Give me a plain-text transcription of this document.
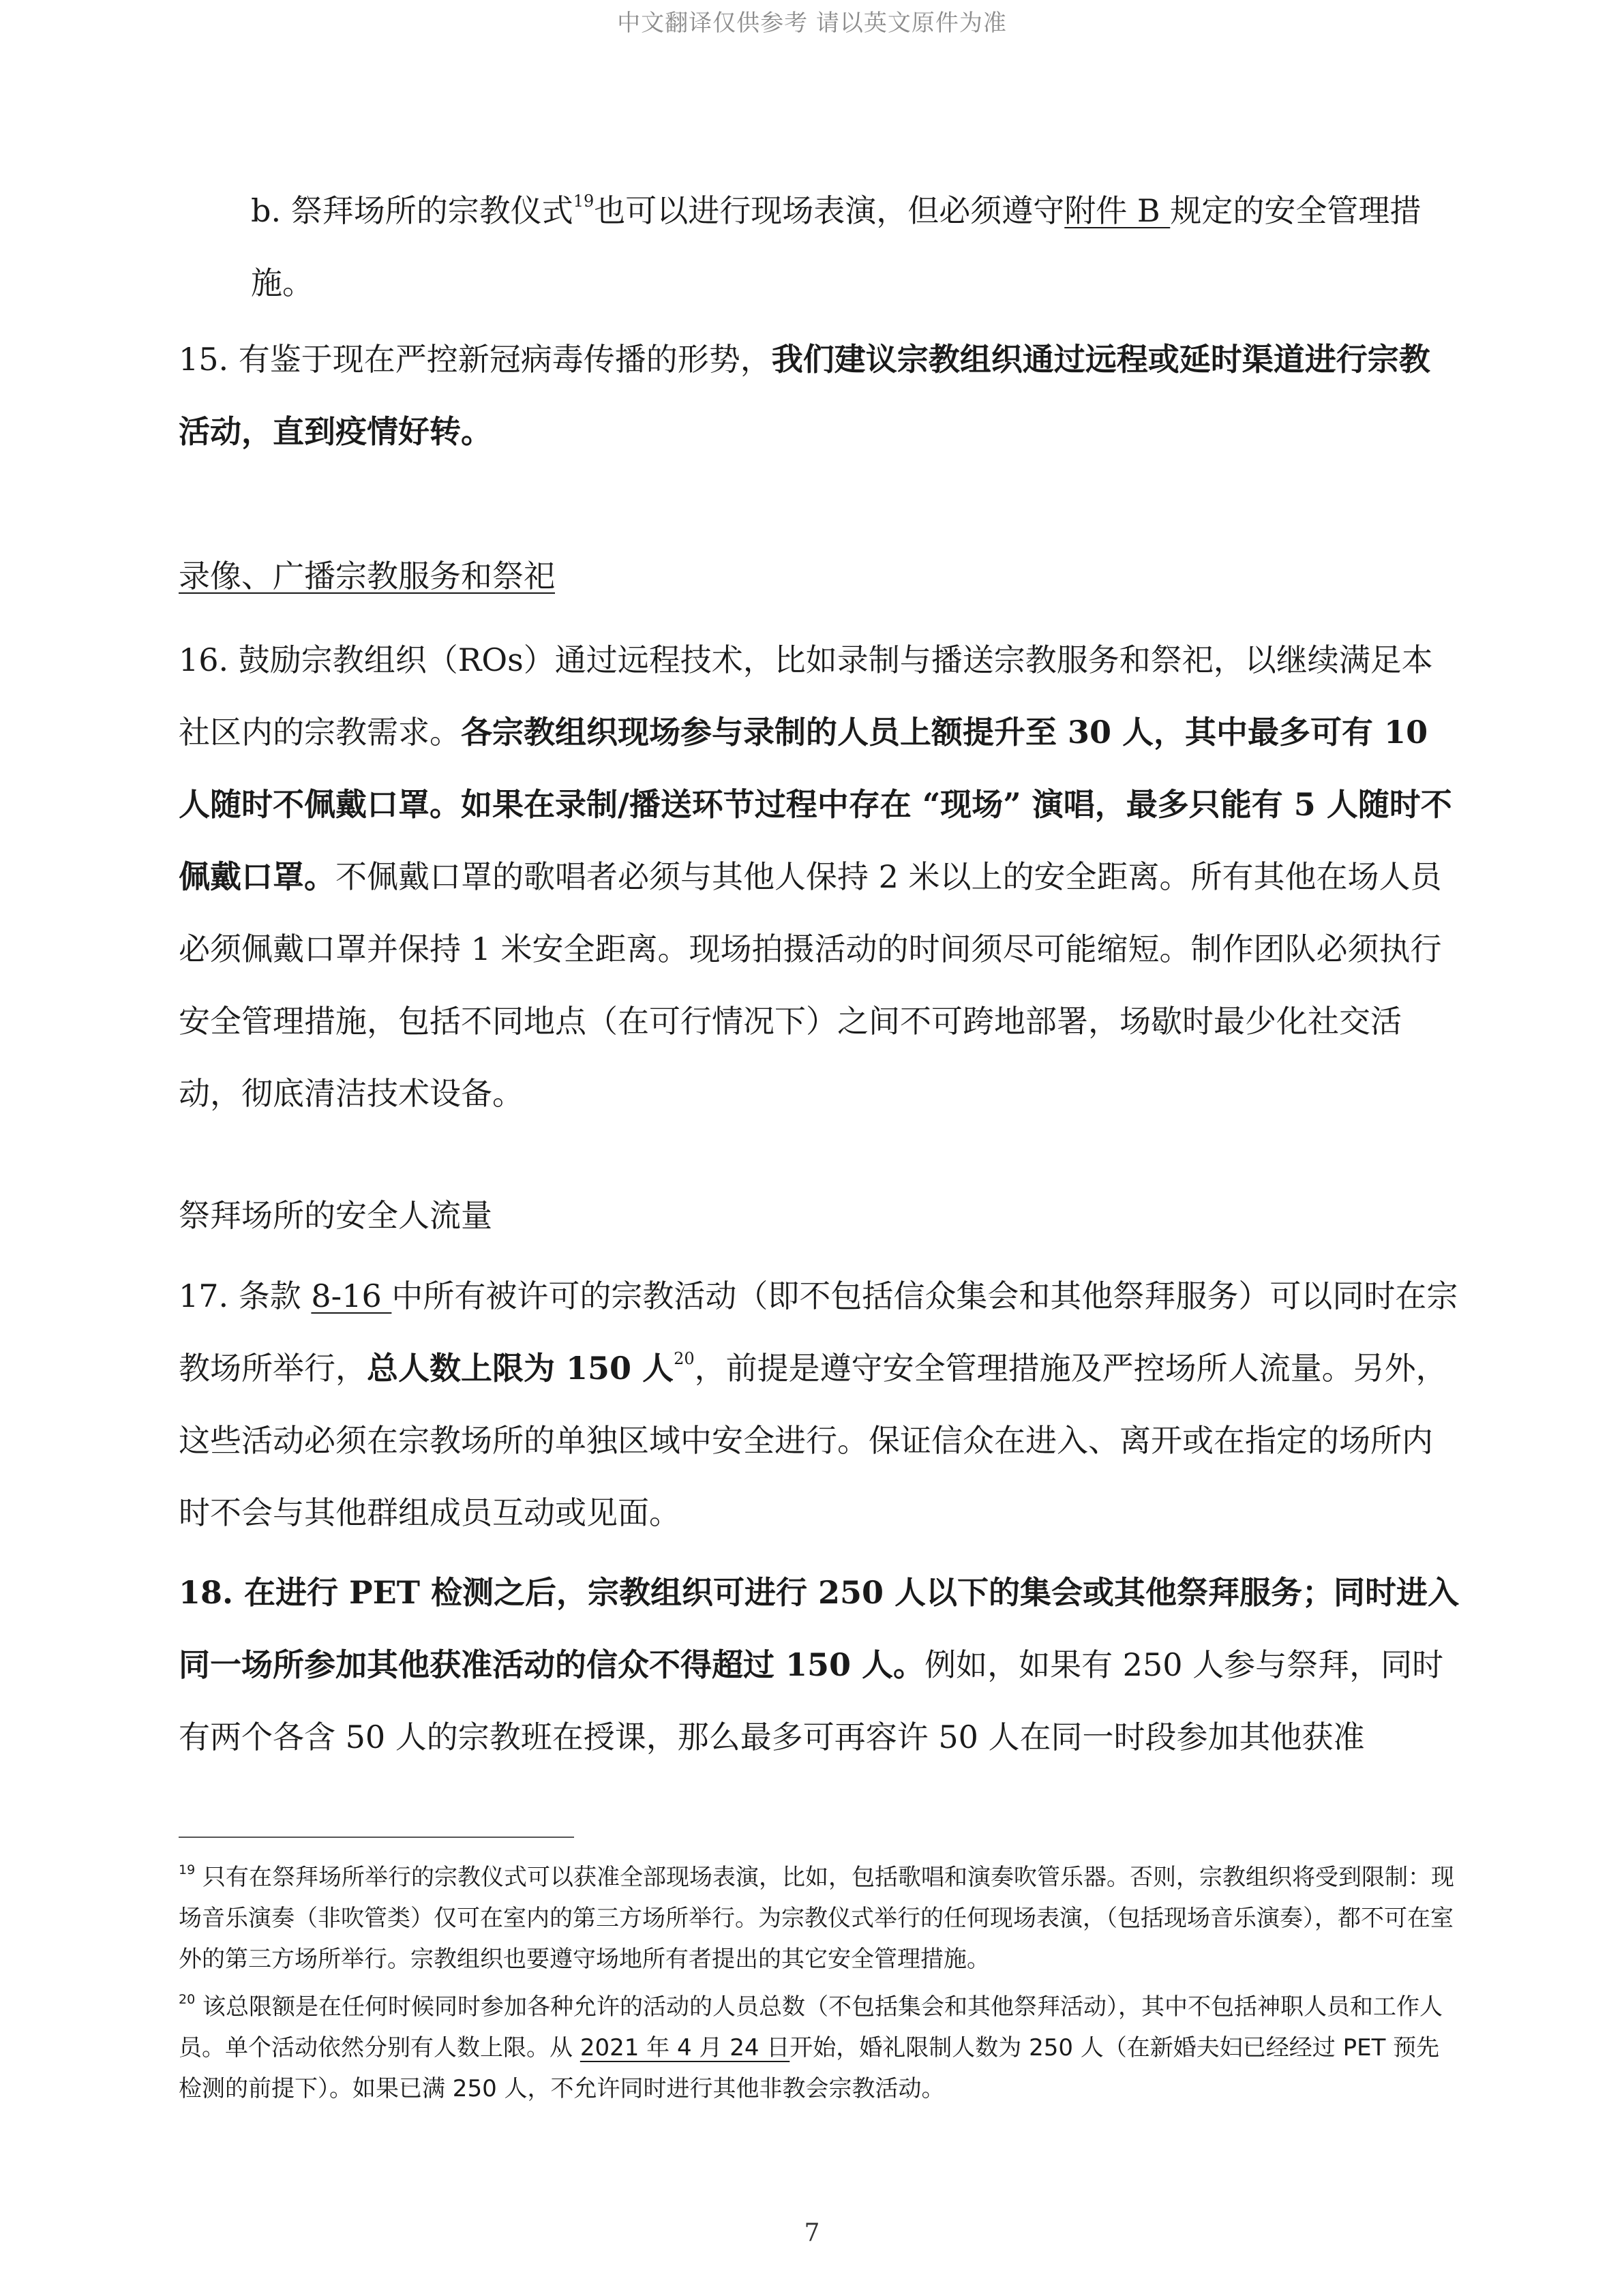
中文翻译仅供参考 请以英文原件为准

b. 祭拜场所的宗教仪式$^{19}$也可以进行现场表演，但必须遵守附件 B 规定的安全管理措施。

15. 有鉴于现在严控新冠病毒传播的形势，我们建议宗教组织通过远程或延时渠道进行宗教活动，直到疫情好转。

录像、广播宗教服务和祭祀

16. 鼓励宗教组织（ROs）通过远程技术，比如录制与播送宗教服务和祭祀，以继续满足本社区内的宗教需求。各宗教组织现场参与录制的人员上额提升至 30 人，其中最多可有 10 人随时不佩戴口罩。如果在录制/播送环节过程中存在 “现场” 演唱，最多只能有 5 人随时不佩戴口罩。不佩戴口罩的歌唱者必须与其他人保持 2 米以上的安全距离。所有其他在场人员必须佩戴口罩并保持 1 米安全距离。现场拍摄活动的时间须尽可能缩短。制作团队必须执行安全管理措施，包括不同地点（在可行情况下）之间不可跨地部署，场歇时最少化社交活动，彻底清洁技术设备。

祭拜场所的安全人流量

17. 条款 8-16 中所有被许可的宗教活动（即不包括信众集会和其他祭拜服务）可以同时在宗教场所举行，总人数上限为 150 人$^{20}$，前提是遵守安全管理措施及严控场所人流量。另外，这些活动必须在宗教场所的单独区域中安全进行。保证信众在进入、离开或在指定的场所内时不会与其他群组成员互动或见面。

18. 在进行 PET 检测之后，宗教组织可进行 250 人以下的集会或其他祭拜服务；同时进入同一场所参加其他获准活动的信众不得超过 150 人。例如，如果有 250 人参与祭拜，同时有两个各含 50 人的宗教班在授课，那么最多可再容许 50 人在同一时段参加其他获准

$^{19}$ 只有在祭拜场所举行的宗教仪式可以获准全部现场表演，比如，包括歌唱和演奏吹管乐器。否则，宗教组织将受到限制：现场音乐演奏（非吹管类）仅可在室内的第三方场所举行。为宗教仪式举行的任何现场表演，（包括现场音乐演奏），都不可在室外的第三方场所举行。宗教组织也要遵守场地所有者提出的其它安全管理措施。

$^{20}$ 该总限额是在任何时候同时参加各种允许的活动的人员总数（不包括集会和其他祭拜活动），其中不包括神职人员和工作人员。单个活动依然分别有人数上限。从 2021 年 4 月 24 日开始，婚礼限制人数为 250 人（在新婚夫妇已经经过 PET 预先检测的前提下）。如果已满 250 人，不允许同时进行其他非教会宗教活动。

7
